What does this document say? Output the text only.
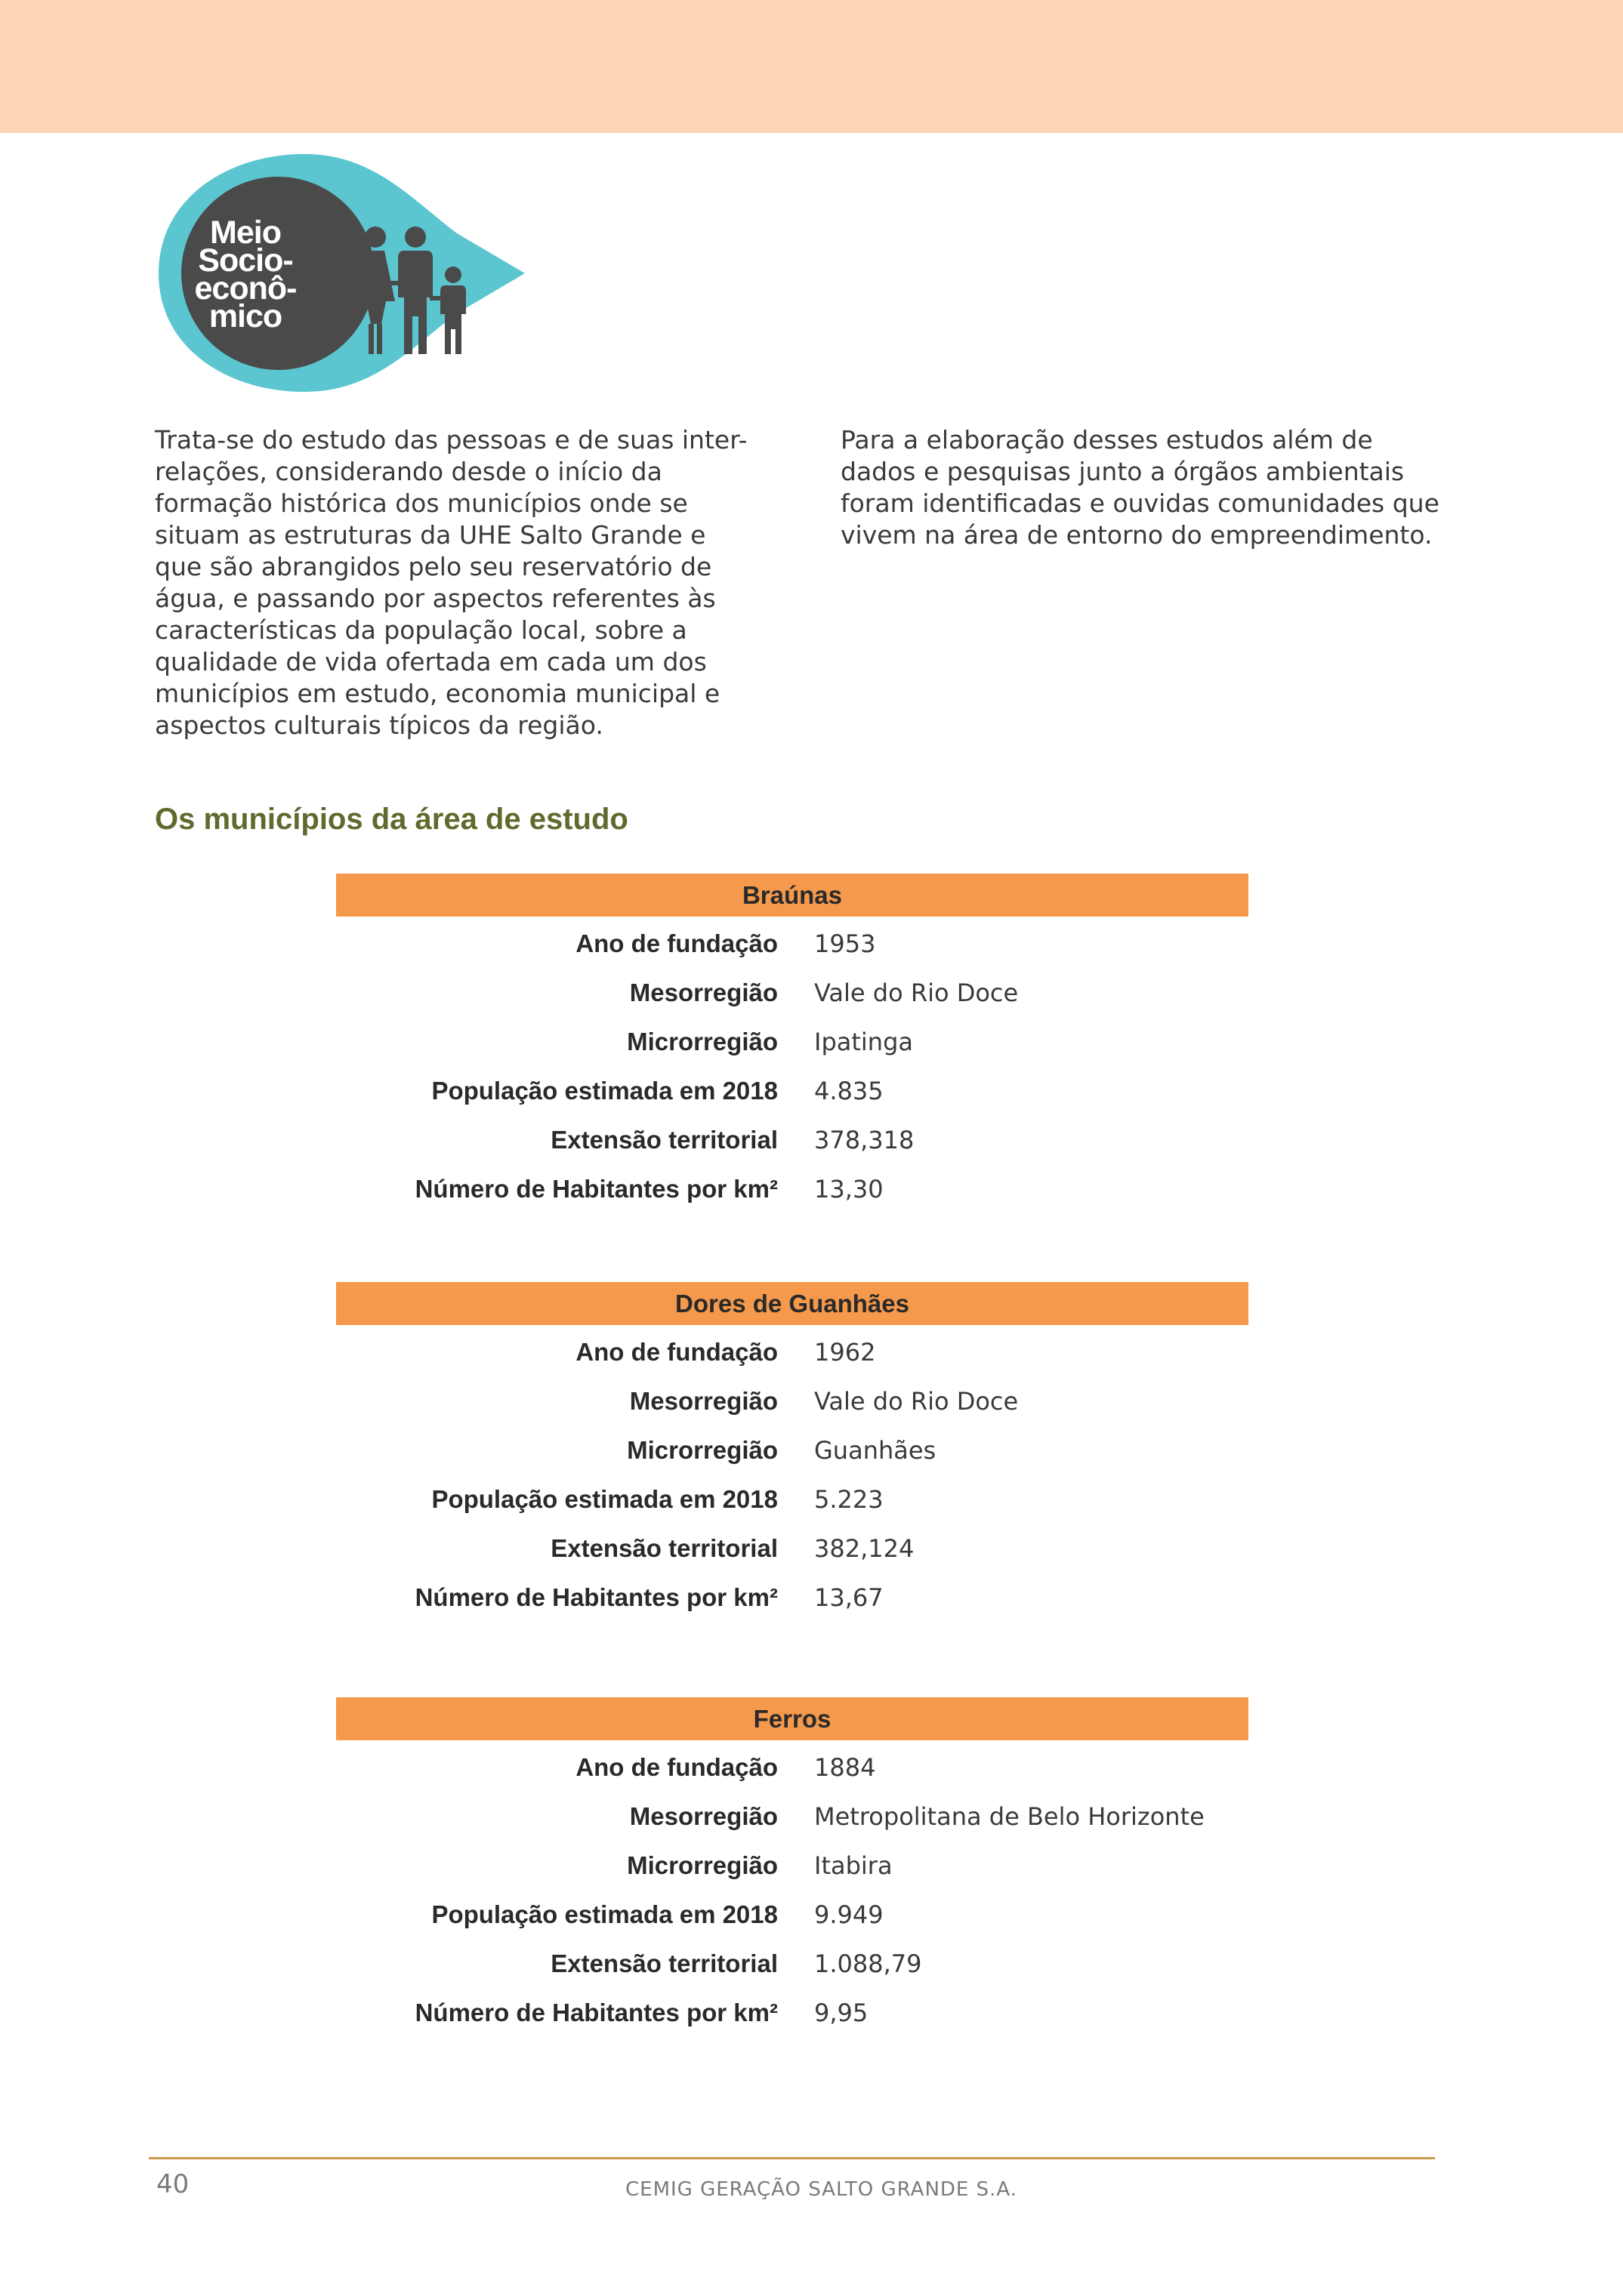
Meio
Socio-
econô-
mico
Trata-se do estudo das pessoas e de suas inter-relações, considerando desde o início da formação histórica dos municípios onde se situam as estruturas da UHE Salto Grande e que são abrangidos pelo seu reservatório de água, e passando por aspectos referentes às características da população local, sobre a qualidade de vida ofertada em cada um dos municípios em estudo, economia municipal e aspectos culturais típicos da região.
Para a elaboração desses estudos além de dados e pesquisas junto a órgãos ambientais foram identificadas e ouvidas comunidades que vivem na área de entorno do empreendimento.
Os municípios da área de estudo
Braúnas
Ano de fundação	1953
Mesorregião	Vale do Rio Doce
Microrregião	Ipatinga
População estimada em 2018	4.835
Extensão territorial	378,318
Número de Habitantes por km²	13,30
Dores de Guanhães
Ano de fundação	1962
Mesorregião	Vale do Rio Doce
Microrregião	Guanhães
População estimada em 2018	5.223
Extensão territorial	382,124
Número de Habitantes por km²	13,67
Ferros
Ano de fundação	1884
Mesorregião	Metropolitana de Belo Horizonte
Microrregião	Itabira
População estimada em 2018	9.949
Extensão territorial	1.088,79
Número de Habitantes por km²	9,95
40	CEMIG GERAÇÃO SALTO GRANDE S.A.
